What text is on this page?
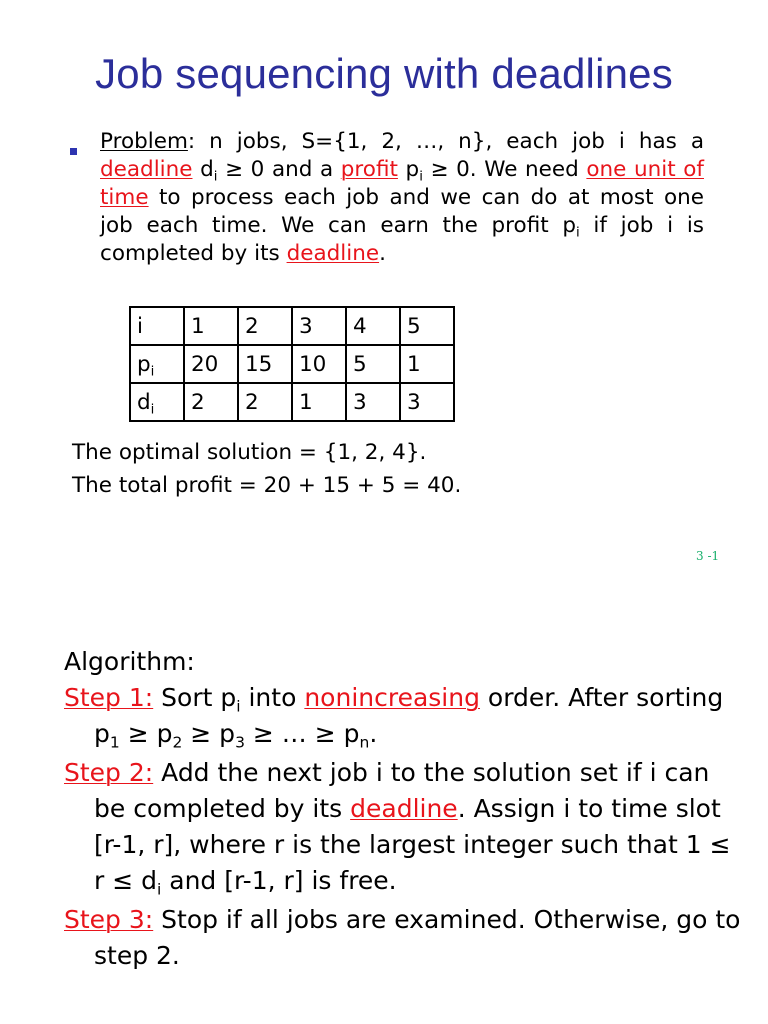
Job sequencing with deadlines
Problem: n jobs, S={1, 2, …, n}, each job i has a deadline $d_i \ge 0$ and a profit $p_i \ge 0$. We need one unit of time to process each job and we can do at most one job each time. We can earn the profit $p_i$ if job i is completed by its deadline.
i	1	2	3	4	5
$p_i$	20	15	10	5	1
$d_i$	2	2	1	3	3
The optimal solution = {1, 2, 4}.
The total profit = 20 + 15 + 5 = 40.
3 -1
Algorithm:
Step 1: Sort $p_i$ into nonincreasing order. After sorting $p_1 \ge p_2 \ge p_3$ ≥ … ≥ $p_n$.
Step 2: Add the next job i to the solution set if i can be completed by its deadline. Assign i to time slot [r-1, r], where r is the largest integer such that $1 \le r \le d_i$ and [r-1, r] is free.
Step 3: Stop if all jobs are examined. Otherwise, go to step 2.
